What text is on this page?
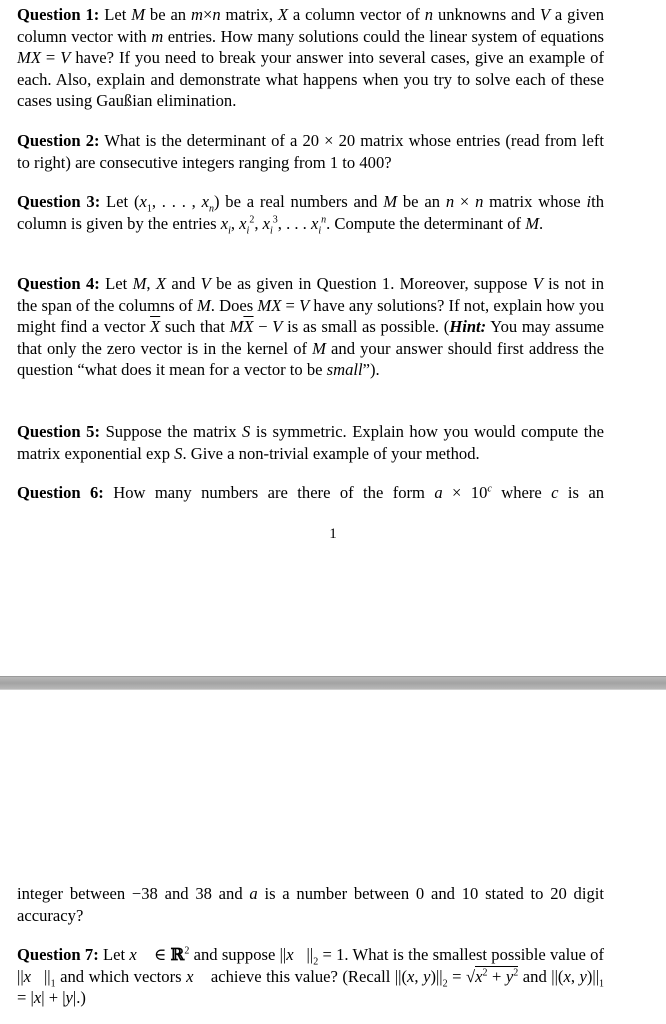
Question 1: Let M be an m×n matrix, X a column vector of n unknowns and V a given column vector with m entries. How many solutions could the linear system of equations MX = V have? If you need to break your answer into several cases, give an example of each. Also, explain and demonstrate what happens when you try to solve each of these cases using Gaußian elimination.

Question 2: What is the determinant of a 20 × 20 matrix whose entries (read from left to right) are consecutive integers ranging from 1 to 400?

Question 3: Let ($x_1$, . . . , $x_n$) be a real numbers and M be an n × n matrix whose ith column is given by the entries $x_i$, $x_i^2$, $x_i^3$, . . . $x_i^n$. Compute the determinant of M.

Question 4: Let M, X and V be as given in Question 1. Moreover, suppose V is not in the span of the columns of M. Does MX = V have any solutions? If not, explain how you might find a vector $\overline{X}$ such that $M\overline{X} - V$ is as small as possible. (Hint: You may assume that only the zero vector is in the kernel of M and your answer should first address the question “what does it mean for a vector to be small”).

Question 5: Suppose the matrix S is symmetric. Explain how you would compute the matrix exponential exp S. Give a non-trivial example of your method.

Question 6: How many numbers are there of the form $a \times 10^c$ where c is an

1

integer between −38 and 38 and a is a number between 0 and 10 stated to 20 digit accuracy?

Question 7: Let x⃗ ∈ ℝ$^2$ and suppose $||x⃗||_2 = 1$. What is the smallest possible value of $||x⃗||_1$ and which vectors x⃗ achieve this value? (Recall ||(x, $y)||_2 = √x^2 + y^2$ and ||(x, $y)||_1 = |x| + |y|$.)
